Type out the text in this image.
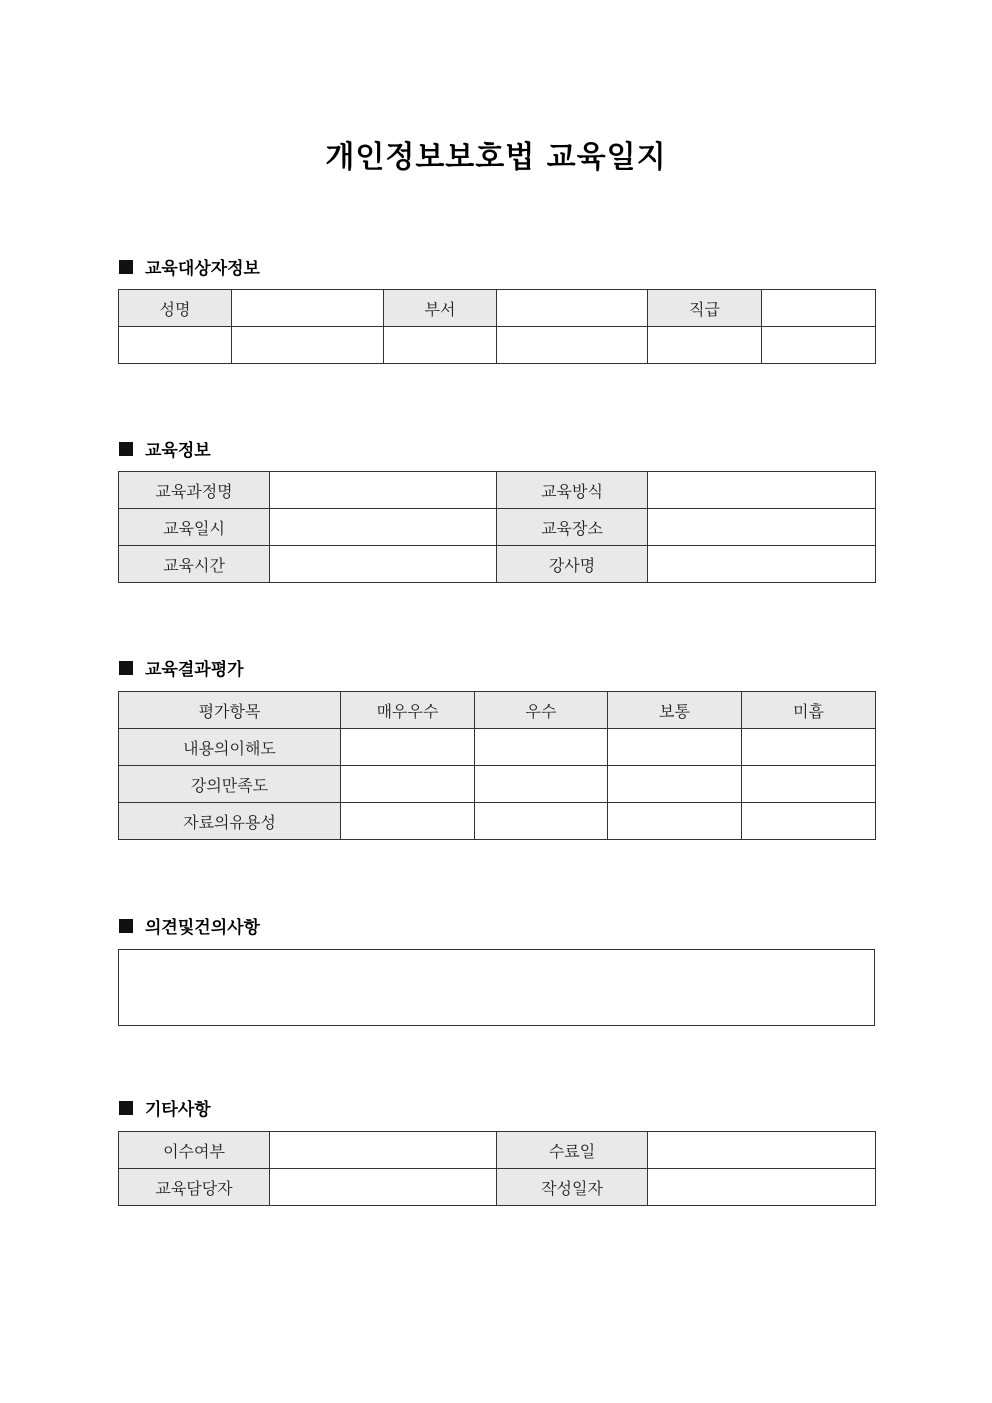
개인정보보호법 교육일지
교육대상자정보
성명		부서		직급	

교육정보
교육과정명		교육방식	
교육일시		교육장소	
교육시간		강사명	
교육결과평가
평가항목	매우우수	우수	보통	미흡
내용의이해도				
강의만족도				
자료의유용성				
의견및건의사항
기타사항
이수여부		수료일	
교육담당자		작성일자	
